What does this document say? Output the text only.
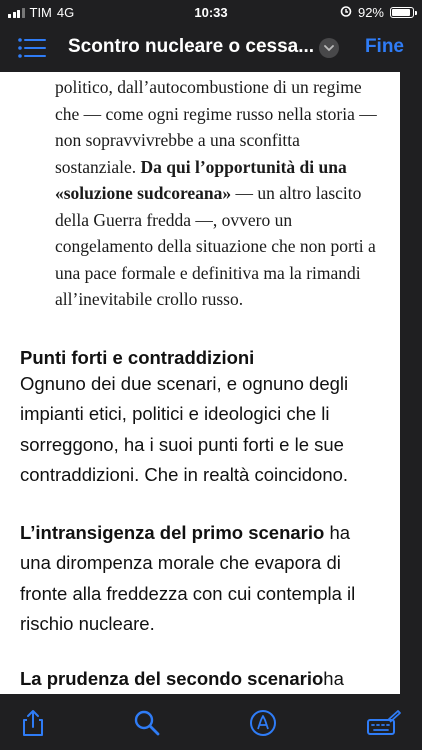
TIM 4G	10:33	92%
Scontro nucleare o cessa...	Fine
politico, dall’autocombustione di un regime
che — come ogni regime russo nella storia —
non sopravvivrebbe a una sconfitta
sostanziale. Da qui l’opportunità di una
«soluzione sudcoreana» — un altro lascito
della Guerra fredda —, ovvero un
congelamento della situazione che non porti a
una pace formale e definitiva ma la rimandi
all’inevitabile crollo russo.
Punti forti e contraddizioni
Ognuno dei due scenari, e ognuno degli
impianti etici, politici e ideologici che li
sorreggono, ha i suoi punti forti e le sue
contraddizioni. Che in realtà coincidono.
L’intransigenza del primo scenario ha
una dirompenza morale che evapora di
fronte alla freddezza con cui contempla il
rischio nucleare.
La prudenza del secondo scenarioha
